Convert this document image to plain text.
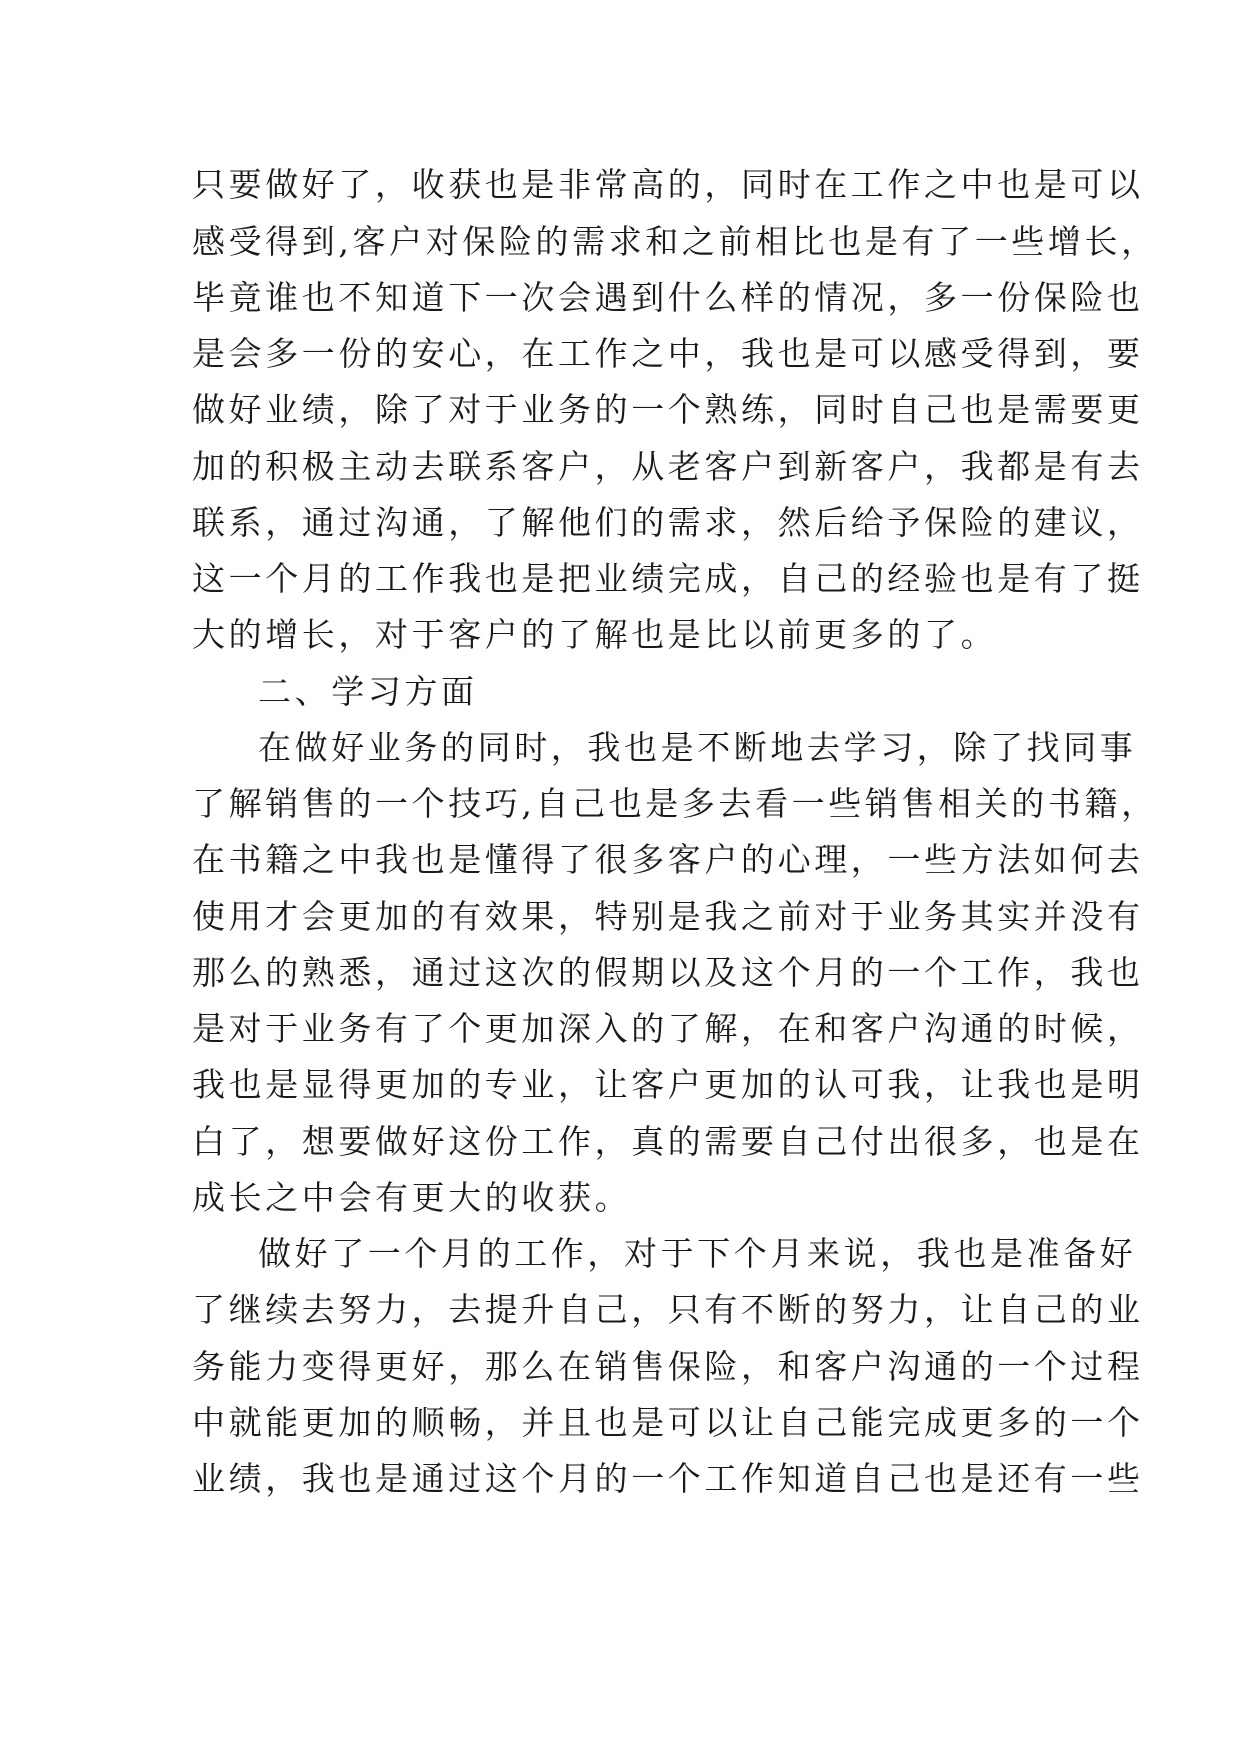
只要做好了，收获也是非常高的，同时在工作之中也是可以
感受得到,客户对保险的需求和之前相比也是有了一些增长，
毕竟谁也不知道下一次会遇到什么样的情况，多一份保险也
是会多一份的安心，在工作之中，我也是可以感受得到，要
做好业绩，除了对于业务的一个熟练，同时自己也是需要更
加的积极主动去联系客户，从老客户到新客户，我都是有去
联系，通过沟通，了解他们的需求，然后给予保险的建议，
这一个月的工作我也是把业绩完成，自己的经验也是有了挺
大的增长，对于客户的了解也是比以前更多的了。
二、学习方面
在做好业务的同时，我也是不断地去学习，除了找同事
了解销售的一个技巧,自己也是多去看一些销售相关的书籍，
在书籍之中我也是懂得了很多客户的心理，一些方法如何去
使用才会更加的有效果，特别是我之前对于业务其实并没有
那么的熟悉，通过这次的假期以及这个月的一个工作，我也
是对于业务有了个更加深入的了解，在和客户沟通的时候，
我也是显得更加的专业，让客户更加的认可我，让我也是明
白了，想要做好这份工作，真的需要自己付出很多，也是在
成长之中会有更大的收获。
做好了一个月的工作，对于下个月来说，我也是准备好
了继续去努力，去提升自己，只有不断的努力，让自己的业
务能力变得更好，那么在销售保险，和客户沟通的一个过程
中就能更加的顺畅，并且也是可以让自己能完成更多的一个
业绩，我也是通过这个月的一个工作知道自己也是还有一些
